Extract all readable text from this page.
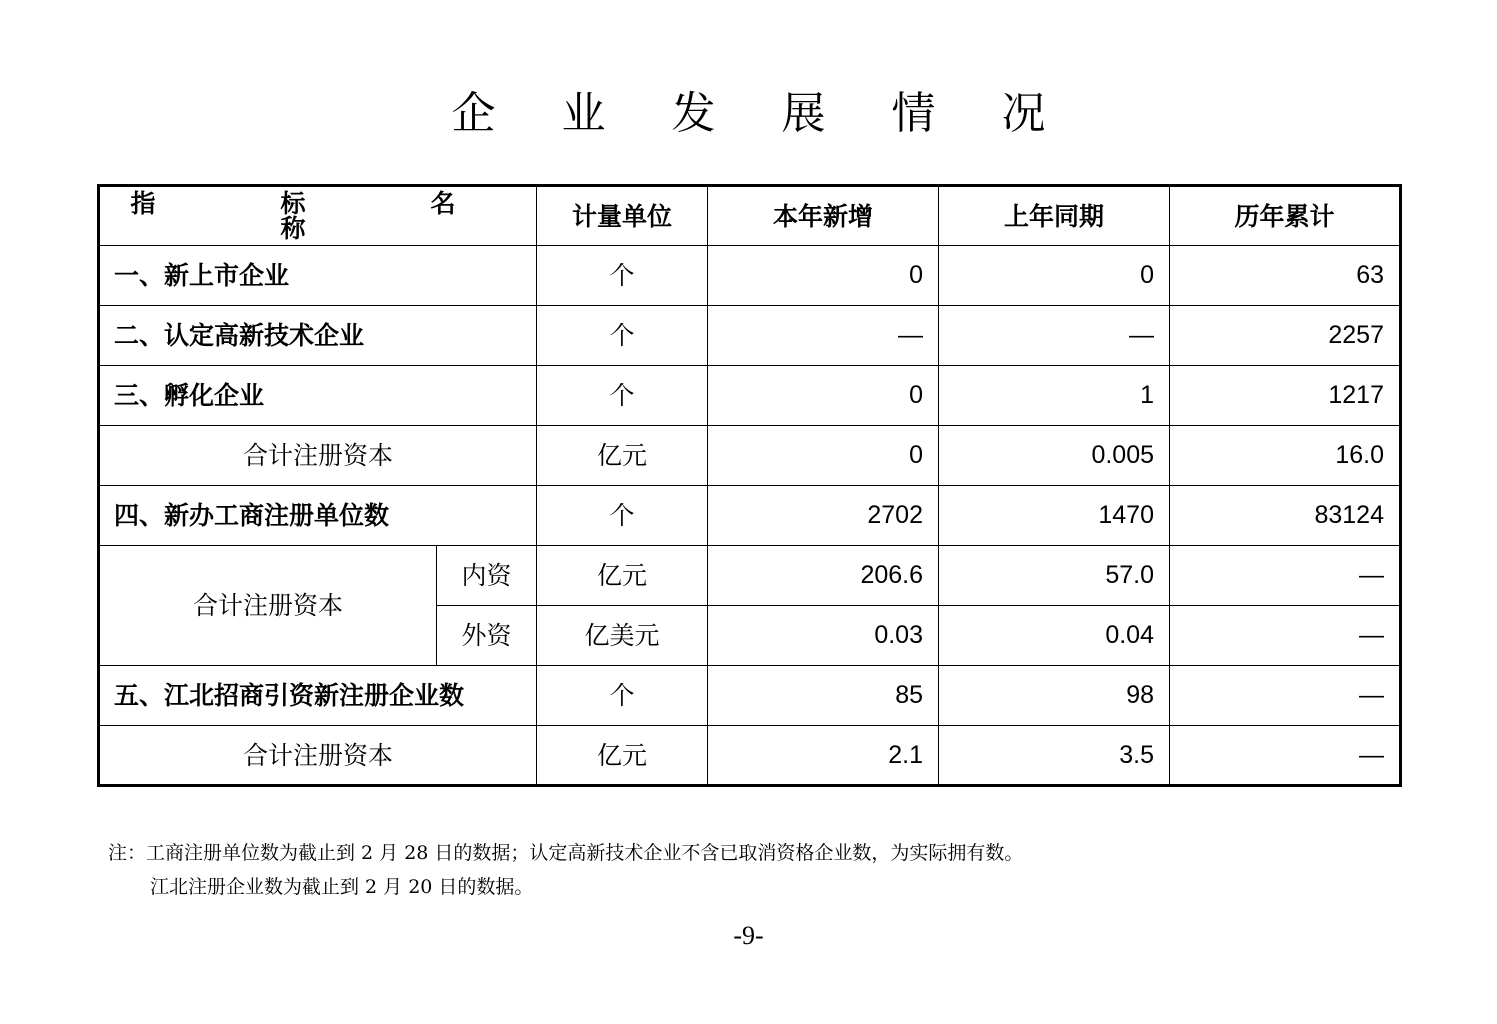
企 业 发 展 情 况
指　标　名　称		计量单位	本年新增	上年同期	历年累计
一、新上市企业		个	0	0	63
二、认定高新技术企业		个	—	—	2257
三、孵化企业		个	0	1	1217
合计注册资本		亿元	0	0.005	16.0
四、新办工商注册单位数		个	2702	1470	83124
合计注册资本	内资	亿元	206.6	57.0	—
	外资	亿美元	0.03	0.04	—
五、江北招商引资新注册企业数		个	85	98	—
合计注册资本		亿元	2.1	3.5	—
注：工商注册单位数为截止到 2 月 28 日的数据；认定高新技术企业不含已取消资格企业数，为实际拥有数。
江北注册企业数为截止到 2 月 20 日的数据。
-9-
